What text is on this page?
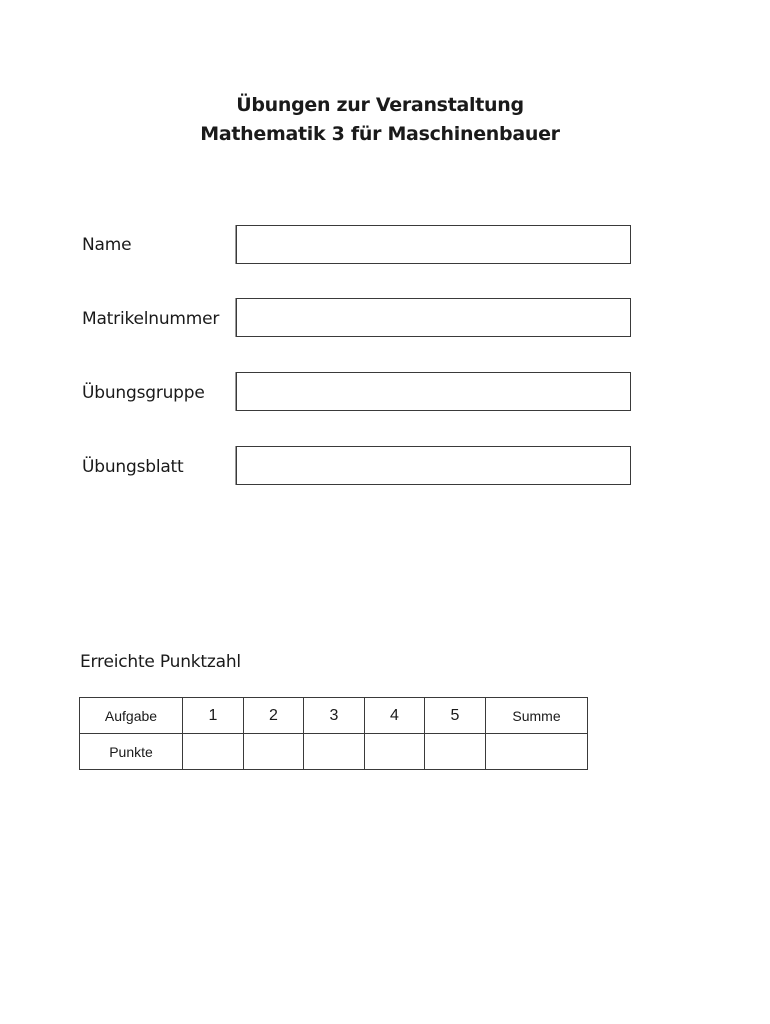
Übungen zur Veranstaltung
Mathematik 3 für Maschinenbauer
Name
Matrikelnummer
Übungsgruppe
Übungsblatt
Erreichte Punktzahl
Aufgabe	1	2	3	4	5	Summe
Punkte						
